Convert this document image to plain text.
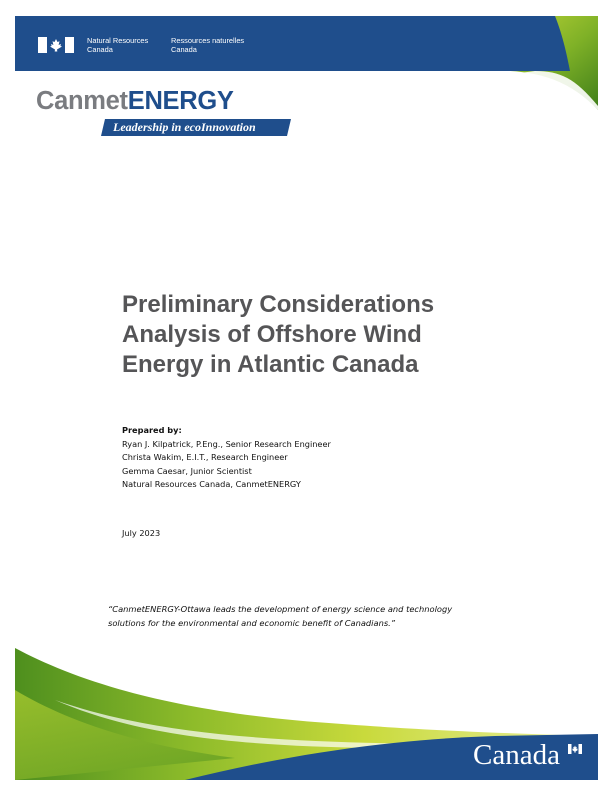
Natural Resources
Canada
Ressources naturelles
Canada
CanmetENERGY
Leadership in ecoInnovation
Preliminary Considerations
Analysis of Offshore Wind
Energy in Atlantic Canada
Prepared by:
Ryan J. Kilpatrick, P.Eng., Senior Research Engineer
Christa Wakim, E.I.T., Research Engineer
Gemma Caesar, Junior Scientist
Natural Resources Canada, CanmetENERGY
July 2023
“CanmetENERGY-Ottawa leads the development of energy science and technology
solutions for the environmental and economic benefit of Canadians.”
Canada
